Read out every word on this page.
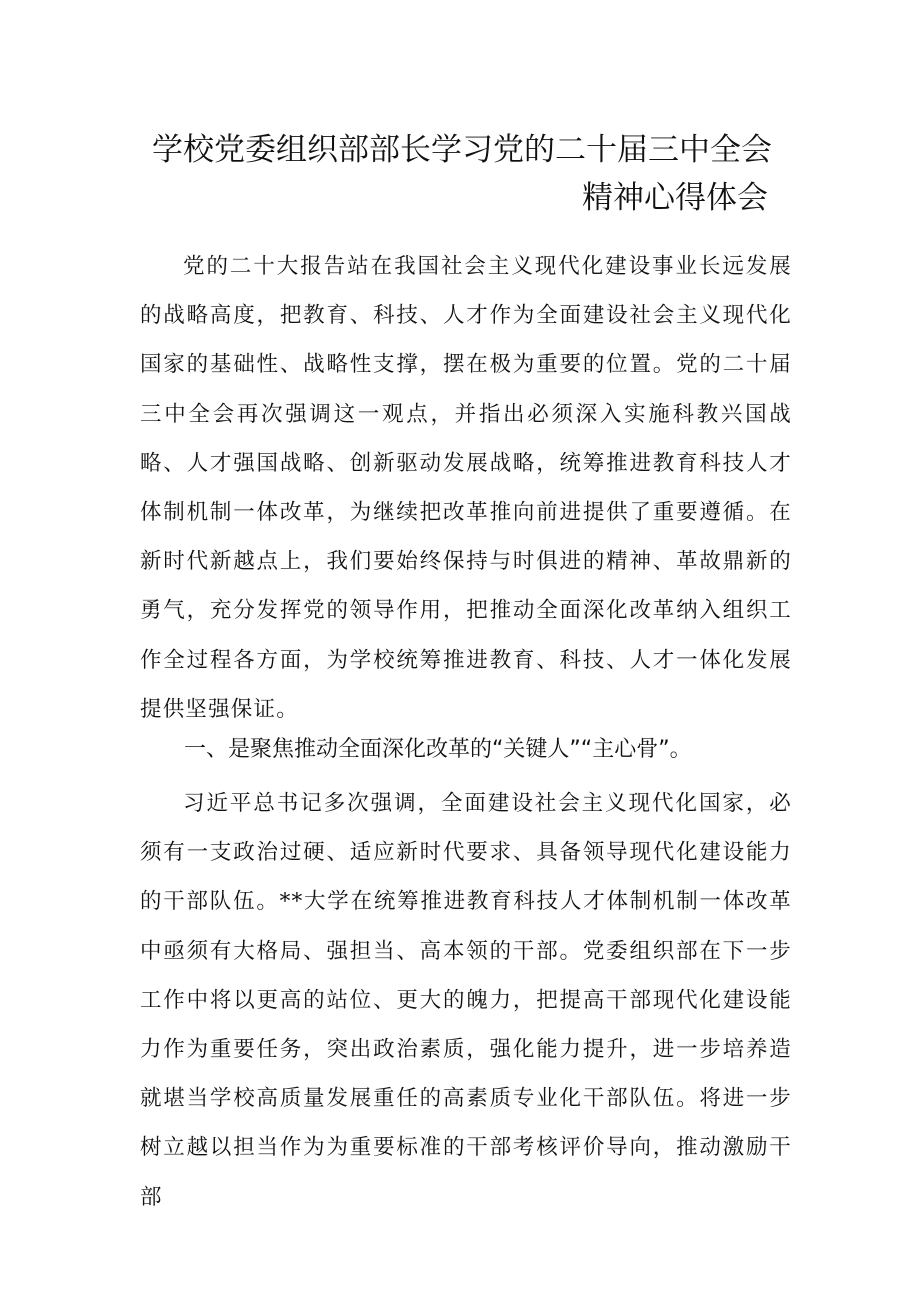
学校党委组织部部长学习党的二十届三中全会
精神心得体会

党的二十大报告站在我国社会主义现代化建设事业长远发展的战略高度，把教育、科技、人才作为全面建设社会主义现代化国家的基础性、战略性支撑，摆在极为重要的位置。党的二十届三中全会再次强调这一观点，并指出必须深入实施科教兴国战略、人才强国战略、创新驱动发展战略，统筹推进教育科技人才体制机制一体改革，为继续把改革推向前进提供了重要遵循。在新时代新越点上，我们要始终保持与时俱进的精神、革故鼎新的勇气，充分发挥党的领导作用，把推动全面深化改革纳入组织工作全过程各方面，为学校统筹推进教育、科技、人才一体化发展提供坚强保证。

一、是聚焦推动全面深化改革的“关键人”“主心骨”。

习近平总书记多次强调，全面建设社会主义现代化国家，必须有一支政治过硬、适应新时代要求、具备领导现代化建设能力的干部队伍。**大学在统筹推进教育科技人才体制机制一体改革中亟须有大格局、强担当、高本领的干部。党委组织部在下一步工作中将以更高的站位、更大的魄力，把提高干部现代化建设能力作为重要任务，突出政治素质，强化能力提升，进一步培养造就堪当学校高质量发展重任的高素质专业化干部队伍。将进一步树立越以担当作为为重要标准的干部考核评价导向，推动激励干部
